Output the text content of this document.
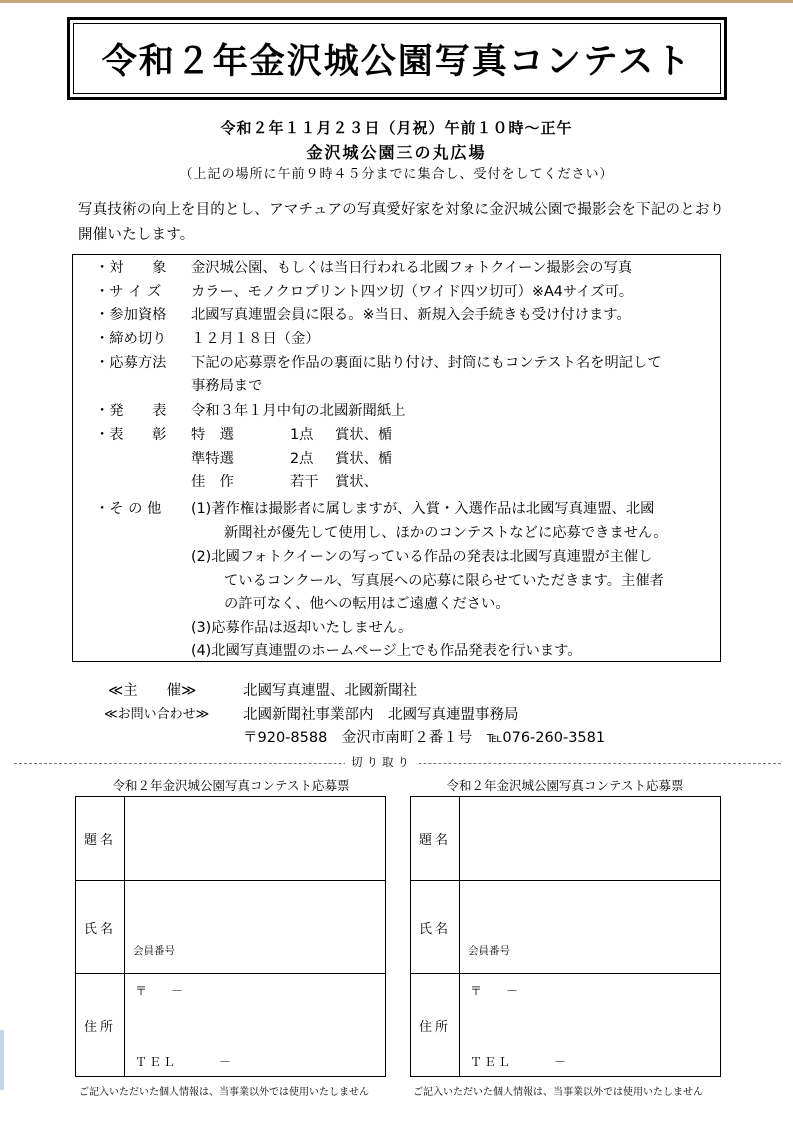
令和２年金沢城公園写真コンテスト
令和２年１１月２３日（月祝）午前１０時～正午
金沢城公園三の丸広場
（上記の場所に午前９時４５分までに集合し、受付をしてください）
写真技術の向上を目的とし、アマチュアの写真愛好家を対象に金沢城公園で撮影会を下記のとおり開催いたします。
・対　　象 金沢城公園、もしくは当日行われる北國フォトクイーン撮影会の写真
・サ イ ズ カラー、モノクロプリント四ツ切（ワイド四ツ切可）※A4サイズ可。
・参加資格 北國写真連盟会員に限る。※当日、新規入会手続きも受け付けます。
・締め切り １２月１８日（金）
・応募方法 下記の応募票を作品の裏面に貼り付け、封筒にもコンテスト名を明記して
事務局まで
・発　　表 令和３年１月中旬の北國新聞紙上
・表　　彰 特　選	1点 賞状、楯
準特選	2点 賞状、楯
佳　作	若干 賞状、
・そ の 他 (1)著作権は撮影者に属しますが、入賞・入選作品は北國写真連盟、北國
新聞社が優先して使用し、ほかのコンテストなどに応募できません。
(2)北國フォトクイーンの写っている作品の発表は北國写真連盟が主催し
ているコンクール、写真展への応募に限らせていただきます。主催者
の許可なく、他への転用はご遠慮ください。
(3)応募作品は返却いたしません。
(4)北國写真連盟のホームページ上でも作品発表を行います。
≪主　　催≫	北國写真連盟、北國新聞社
≪お問い合わせ≫ 北國新聞社事業部内　北國写真連盟事務局
〒920-8588　金沢市南町２番１号　℡076-260-3581
切り取り
令和２年金沢城公園写真コンテスト応募票
題名	
氏名	会員番号

住所	〒　　－
ＴＥＬ　　　－
ご記入いただいた個人情報は、当事業以外では使用いたしません
令和２年金沢城公園写真コンテスト応募票
題名	
氏名	会員番号

住所	〒　　－
ＴＥＬ　　　－
ご記入いただいた個人情報は、当事業以外では使用いたしません
